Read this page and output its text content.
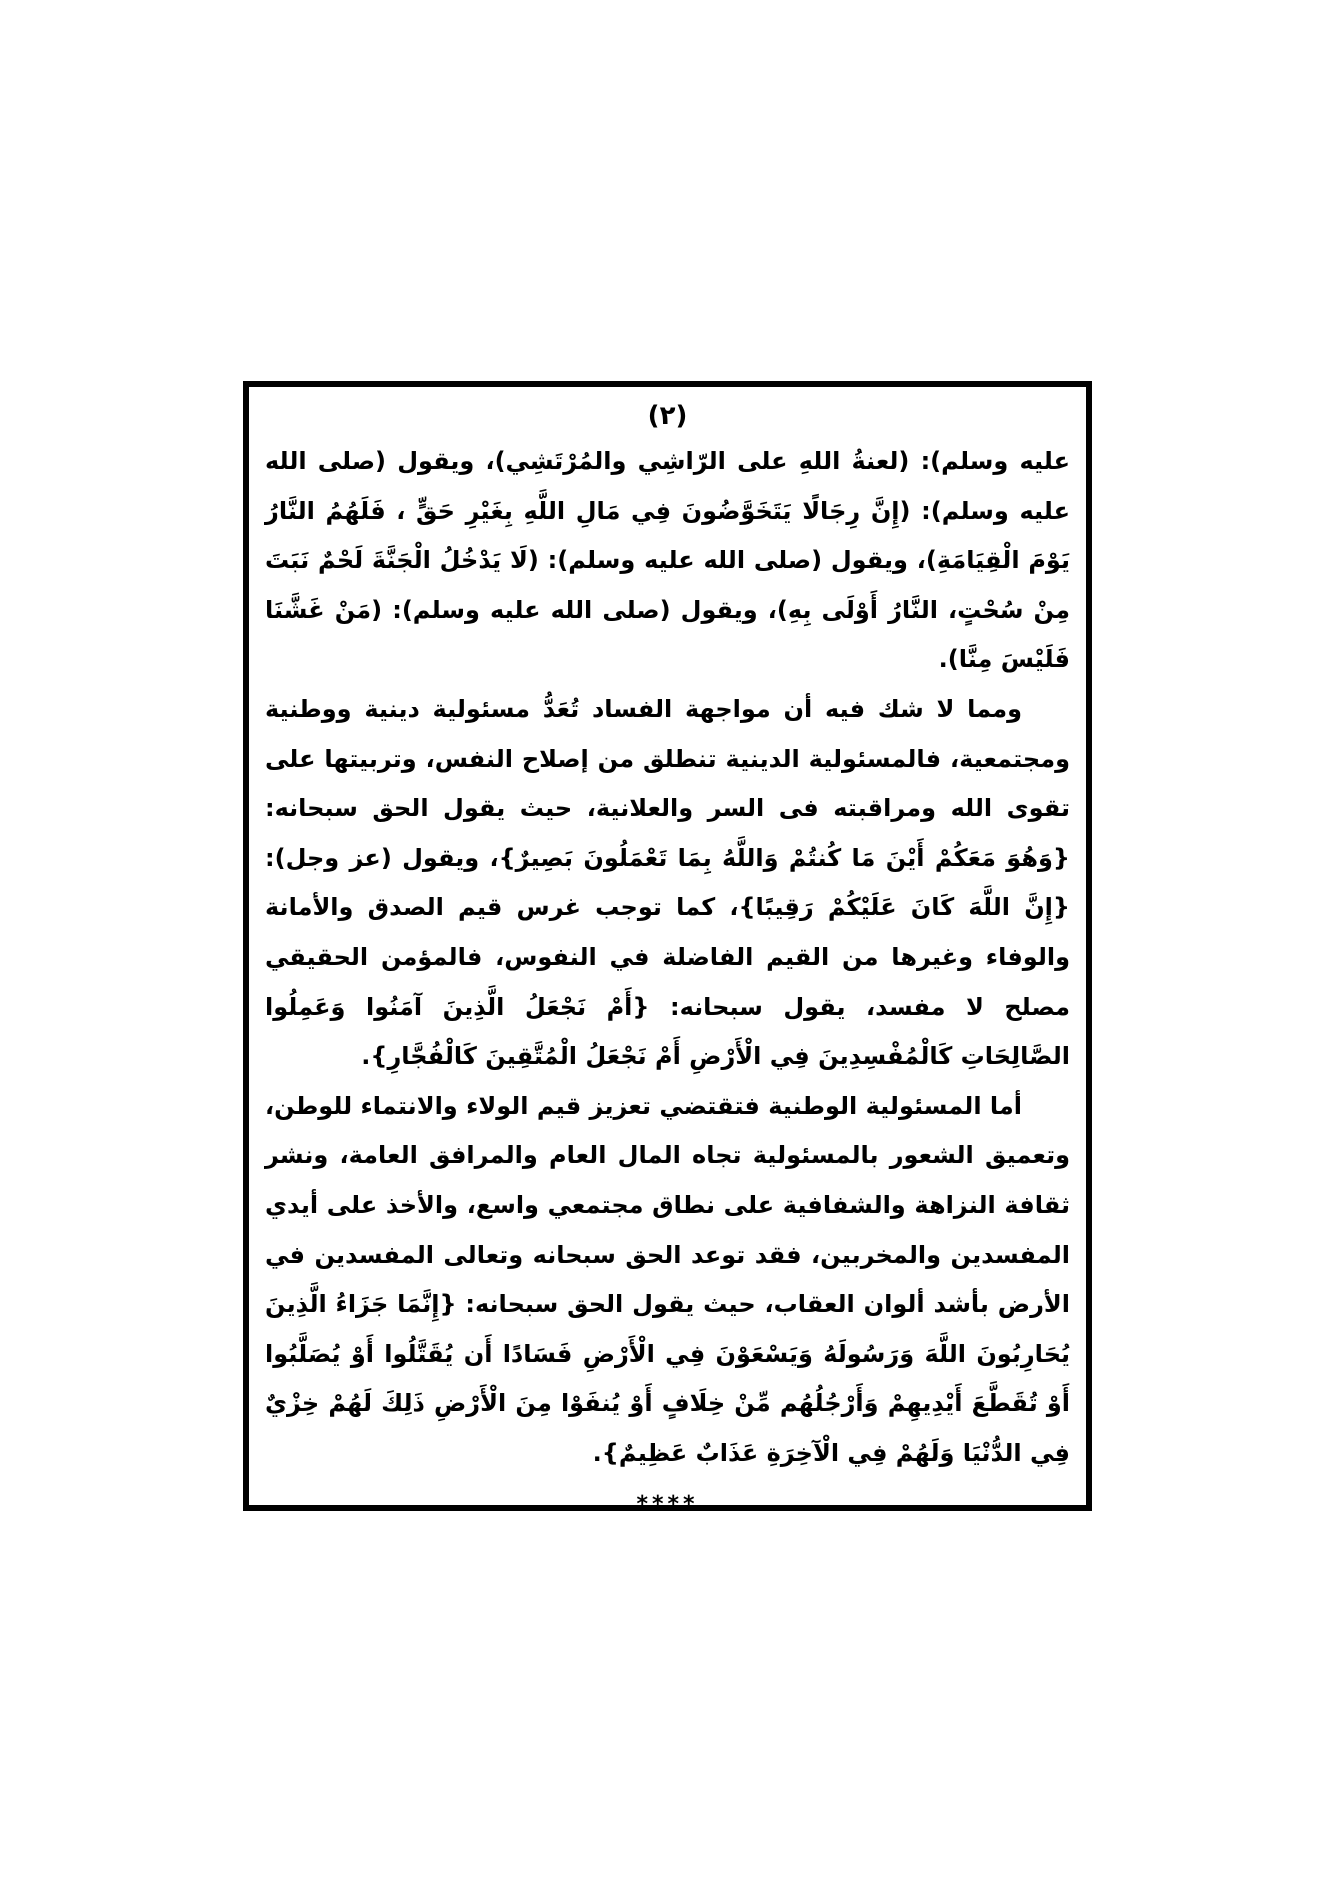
(٢)

عليه وسلم): (لعنةُ اللهِ على الرّاشِي والمُرْتَشِي)، ويقول (صلى الله عليه وسلم): (إِنَّ رِجَالًا يَتَخَوَّضُونَ فِي مَالِ اللَّهِ بِغَيْرِ حَقٍّ ، فَلَهُمُ النَّارُ يَوْمَ الْقِيَامَةِ)، ويقول (صلى الله عليه وسلم): (لَا يَدْخُلُ الْجَنَّةَ لَحْمٌ نَبَتَ مِنْ سُحْتٍ، النَّارُ أَوْلَى بِهِ)، ويقول (صلى الله عليه وسلم): (مَنْ غَشَّنَا فَلَيْسَ مِنَّا).

ومما لا شك فيه أن مواجهة الفساد تُعَدُّ مسئولية دينية ووطنية ومجتمعية، فالمسئولية الدينية تنطلق من إصلاح النفس، وتربيتها على تقوى الله ومراقبته فى السر والعلانية، حيث يقول الحق سبحانه: {وَهُوَ مَعَكُمْ أَيْنَ مَا كُنتُمْ وَاللَّهُ بِمَا تَعْمَلُونَ بَصِيرٌ}، ويقول (عز وجل): {إِنَّ اللَّهَ كَانَ عَلَيْكُمْ رَقِيبًا}، كما توجب غرس قيم الصدق والأمانة والوفاء وغيرها من القيم الفاضلة في النفوس، فالمؤمن الحقيقي مصلح لا مفسد، يقول سبحانه: {أَمْ نَجْعَلُ الَّذِينَ آمَنُوا وَعَمِلُوا الصَّالِحَاتِ كَالْمُفْسِدِينَ فِي الْأَرْضِ أَمْ نَجْعَلُ الْمُتَّقِينَ كَالْفُجَّارِ}.

أما المسئولية الوطنية فتقتضي تعزيز قيم الولاء والانتماء للوطن، وتعميق الشعور بالمسئولية تجاه المال العام والمرافق العامة، ونشر ثقافة النزاهة والشفافية على نطاق مجتمعي واسع، والأخذ على أيدي المفسدين والمخربين، فقد توعد الحق سبحانه وتعالى المفسدين في الأرض بأشد ألوان العقاب، حيث يقول الحق سبحانه: {إِنَّمَا جَزَاءُ الَّذِينَ يُحَارِبُونَ اللَّهَ وَرَسُولَهُ وَيَسْعَوْنَ فِي الْأَرْضِ فَسَادًا أَن يُقَتَّلُوا أَوْ يُصَلَّبُوا أَوْ تُقَطَّعَ أَيْدِيهِمْ وَأَرْجُلُهُم مِّنْ خِلَافٍ أَوْ يُنفَوْا مِنَ الْأَرْضِ ذَلِكَ لَهُمْ خِزْيٌ فِي الدُّنْيَا وَلَهُمْ فِي الْآخِرَةِ عَذَابٌ عَظِيمٌ}.

****
